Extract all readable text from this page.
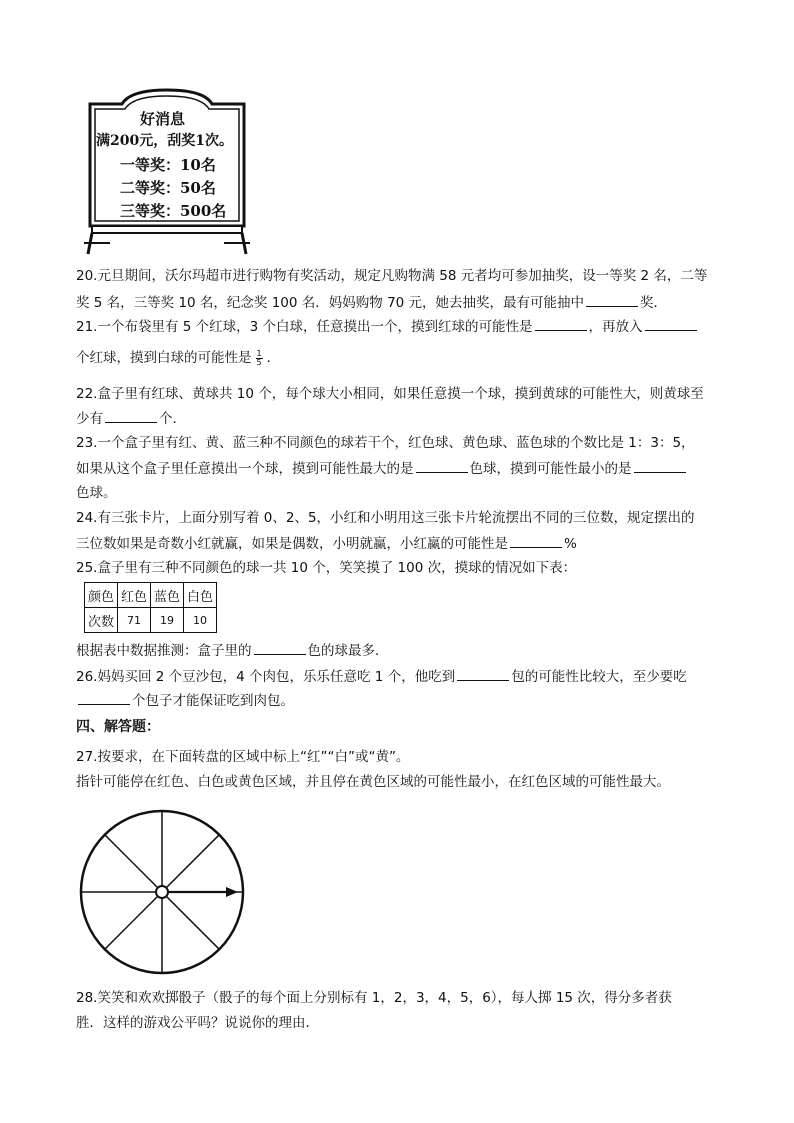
好消息
满200元，刮奖1次。
一等奖：10名
二等奖：50名
三等奖：500名
20.元旦期间，沃尔玛超市进行购物有奖活动，规定凡购物满 58 元者均可参加抽奖，设一等奖 2 名，二等
奖 5 名，三等奖 10 名，纪念奖 100 名．妈妈购物 70 元，她去抽奖，最有可能抽中	奖．
21.一个布袋里有 5 个红球，3 个白球，任意摸出一个，摸到红球的可能性是	，再放入
个红球，摸到白球的可能性是 $\frac{1}{5}$ ．
22.盒子里有红球、黄球共 10 个，每个球大小相同，如果任意摸一个球，摸到黄球的可能性大，则黄球至
少有	个．
23.一个盒子里有红、黄、蓝三种不同颜色的球若干个，红色球、黄色球、蓝色球的个数比是 1：3：5，
如果从这个盒子里任意摸出一个球，摸到可能性最大的是	色球，摸到可能性最小的是
色球。
24.有三张卡片，上面分别写着 0、2、5，小红和小明用这三张卡片轮流摆出不同的三位数，规定摆出的
三位数如果是奇数小红就赢，如果是偶数，小明就赢，小红赢的可能性是	%
25.盒子里有三种不同颜色的球一共 10 个，笑笑摸了 100 次，摸球的情况如下表：
颜色	红色	蓝色	白色
次数	71	19	10
根据表中数据推测：盒子里的	色的球最多．
26.妈妈买回 2 个豆沙包，4 个肉包，乐乐任意吃 1 个，他吃到	包的可能性比较大，至少要吃
个包子才能保证吃到肉包。
四、解答题：
27.按要求，在下面转盘的区域中标上“红”“白”或“黄”。
指针可能停在红色、白色或黄色区域，并且停在黄色区域的可能性最小，在红色区域的可能性最大。
28.笑笑和欢欢掷骰子（骰子的每个面上分别标有 1，2，3，4，5，6），每人掷 15 次，得分多者获
胜．这样的游戏公平吗？说说你的理由．
